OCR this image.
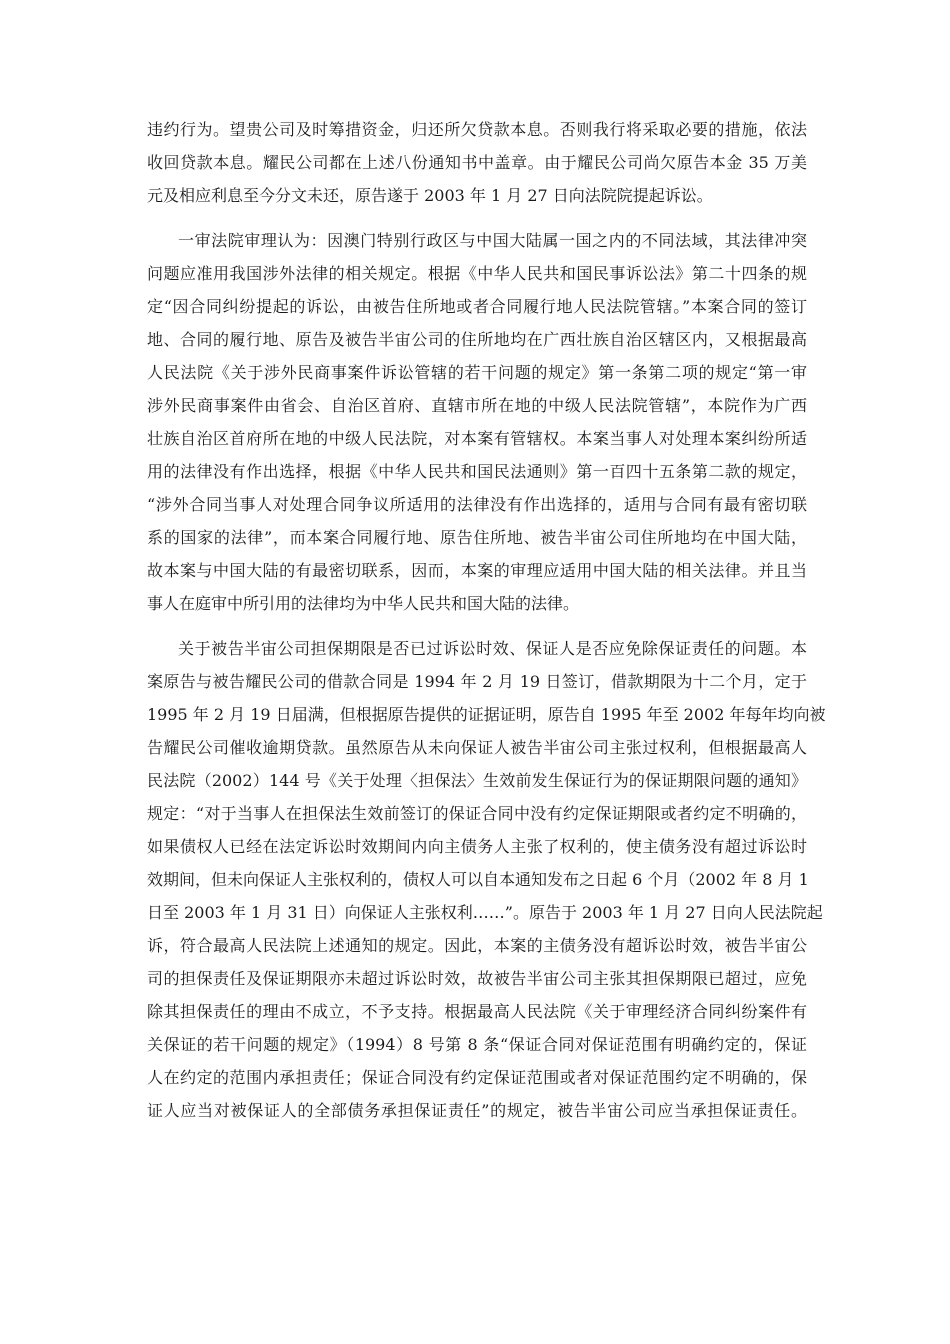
违约行为。望贵公司及时筹措资金，归还所欠贷款本息。否则我行将采取必要的措施，依法

收回贷款本息。耀民公司都在上述八份通知书中盖章。由于耀民公司尚欠原告本金 35 万美

元及相应利息至今分文未还，原告遂于 2003 年 1 月 27 日向法院院提起诉讼。

一审法院审理认为：因澳门特别行政区与中国大陆属一国之内的不同法域，其法律冲突

问题应准用我国涉外法律的相关规定。根据《中华人民共和国民事诉讼法》第二十四条的规

定“因合同纠纷提起的诉讼，由被告住所地或者合同履行地人民法院管辖。”本案合同的签订

地、合同的履行地、原告及被告半宙公司的住所地均在广西壮族自治区辖区内，又根据最高

人民法院《关于涉外民商事案件诉讼管辖的若干问题的规定》第一条第二项的规定“第一审

涉外民商事案件由省会、自治区首府、直辖市所在地的中级人民法院管辖”，本院作为广西

壮族自治区首府所在地的中级人民法院，对本案有管辖权。本案当事人对处理本案纠纷所适

用的法律没有作出选择，根据《中华人民共和国民法通则》第一百四十五条第二款的规定，

“涉外合同当事人对处理合同争议所适用的法律没有作出选择的，适用与合同有最有密切联

系的国家的法律”，而本案合同履行地、原告住所地、被告半宙公司住所地均在中国大陆，

故本案与中国大陆的有最密切联系，因而，本案的审理应适用中国大陆的相关法律。并且当

事人在庭审中所引用的法律均为中华人民共和国大陆的法律。

关于被告半宙公司担保期限是否已过诉讼时效、保证人是否应免除保证责任的问题。本

案原告与被告耀民公司的借款合同是 1994 年 2 月 19 日签订，借款期限为十二个月，定于

1995 年 2 月 19 日届满，但根据原告提供的证据证明，原告自 1995 年至 2002 年每年均向被

告耀民公司催收逾期贷款。虽然原告从未向保证人被告半宙公司主张过权利，但根据最高人

民法院（2002）144 号《关于处理〈担保法〉生效前发生保证行为的保证期限问题的通知》

规定：“对于当事人在担保法生效前签订的保证合同中没有约定保证期限或者约定不明确的，

如果债权人已经在法定诉讼时效期间内向主债务人主张了权利的，使主债务没有超过诉讼时

效期间，但未向保证人主张权利的，债权人可以自本通知发布之日起 6 个月（2002 年 8 月 1

日至 2003 年 1 月 31 日）向保证人主张权利……”。原告于 2003 年 1 月 27 日向人民法院起

诉，符合最高人民法院上述通知的规定。因此，本案的主债务没有超诉讼时效，被告半宙公

司的担保责任及保证期限亦未超过诉讼时效，故被告半宙公司主张其担保期限已超过，应免

除其担保责任的理由不成立，不予支持。根据最高人民法院《关于审理经济合同纠纷案件有

关保证的若干问题的规定》（1994）8 号第 8 条“保证合同对保证范围有明确约定的，保证

人在约定的范围内承担责任；保证合同没有约定保证范围或者对保证范围约定不明确的，保

证人应当对被保证人的全部债务承担保证责任”的规定，被告半宙公司应当承担保证责任。
